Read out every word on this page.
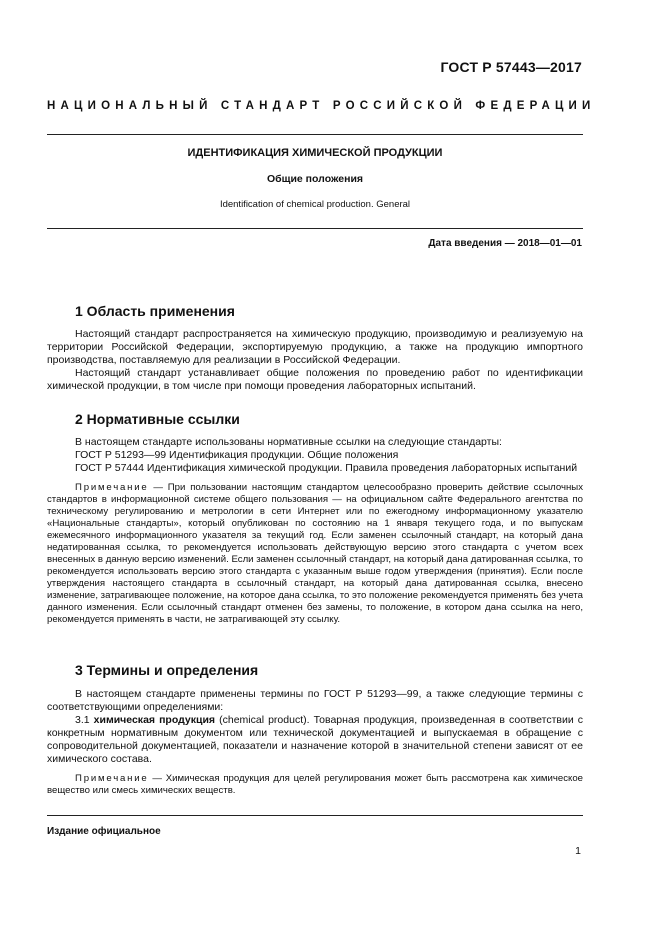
ГОСТ Р 57443—2017
НАЦИОНАЛЬНЫЙ СТАНДАРТ РОССИЙСКОЙ ФЕДЕРАЦИИ
ИДЕНТИФИКАЦИЯ ХИМИЧЕСКОЙ ПРОДУКЦИИ
Общие положения
Identification of chemical production. General
Дата введения — 2018—01—01
1 Область применения

Настоящий стандарт распространяется на химическую продукцию, производимую и реализуемую на территории Российской Федерации, экспортируемую продукцию, а также на продукцию импортного производства, поставляемую для реализации в Российской Федерации.

Настоящий стандарт устанавливает общие положения по проведению работ по идентификации химической продукции, в том числе при помощи проведения лабораторных испытаний.

2 Нормативные ссылки

В настоящем стандарте использованы нормативные ссылки на следующие стандарты:

ГОСТ Р 51293—99 Идентификация продукции. Общие положения

ГОСТ Р 57444 Идентификация химической продукции. Правила проведения лабораторных испытаний

Примечание — При пользовании настоящим стандартом целесообразно проверить действие ссылочных стандартов в информационной системе общего пользования — на официальном сайте Федерального агентства по техническому регулированию и метрологии в сети Интернет или по ежегодному информационному указателю «Национальные стандарты», который опубликован по состоянию на 1 января текущего года, и по выпускам ежемесячного информационного указателя за текущий год. Если заменен ссылочный стандарт, на который дана недатированная ссылка, то рекомендуется использовать действующую версию этого стандарта с учетом всех внесенных в данную версию изменений. Если заменен ссылочный стандарт, на который дана датированная ссылка, то рекомендуется использовать версию этого стандарта с указанным выше годом утверждения (принятия). Если после утверждения настоящего стандарта в ссылочный стандарт, на который дана датированная ссылка, внесено изменение, затрагивающее положение, на которое дана ссылка, то это положение рекомендуется применять без учета данного изменения. Если ссылочный стандарт отменен без замены, то положение, в котором дана ссылка на него, рекомендуется применять в части, не затрагивающей эту ссылку.

3 Термины и определения

В настоящем стандарте применены термины по ГОСТ Р 51293—99, а также следующие термины с соответствующими определениями:

3.1 химическая продукция (chemical product). Товарная продукция, произведенная в соответствии с конкретным нормативным документом или технической документацией и выпускаемая в обращение с сопроводительной документацией, показатели и назначение которой в значительной степени зависят от ее химического состава.

Примечание — Химическая продукция для целей регулирования может быть рассмотрена как химическое вещество или смесь химических веществ.

Издание официальное
1
